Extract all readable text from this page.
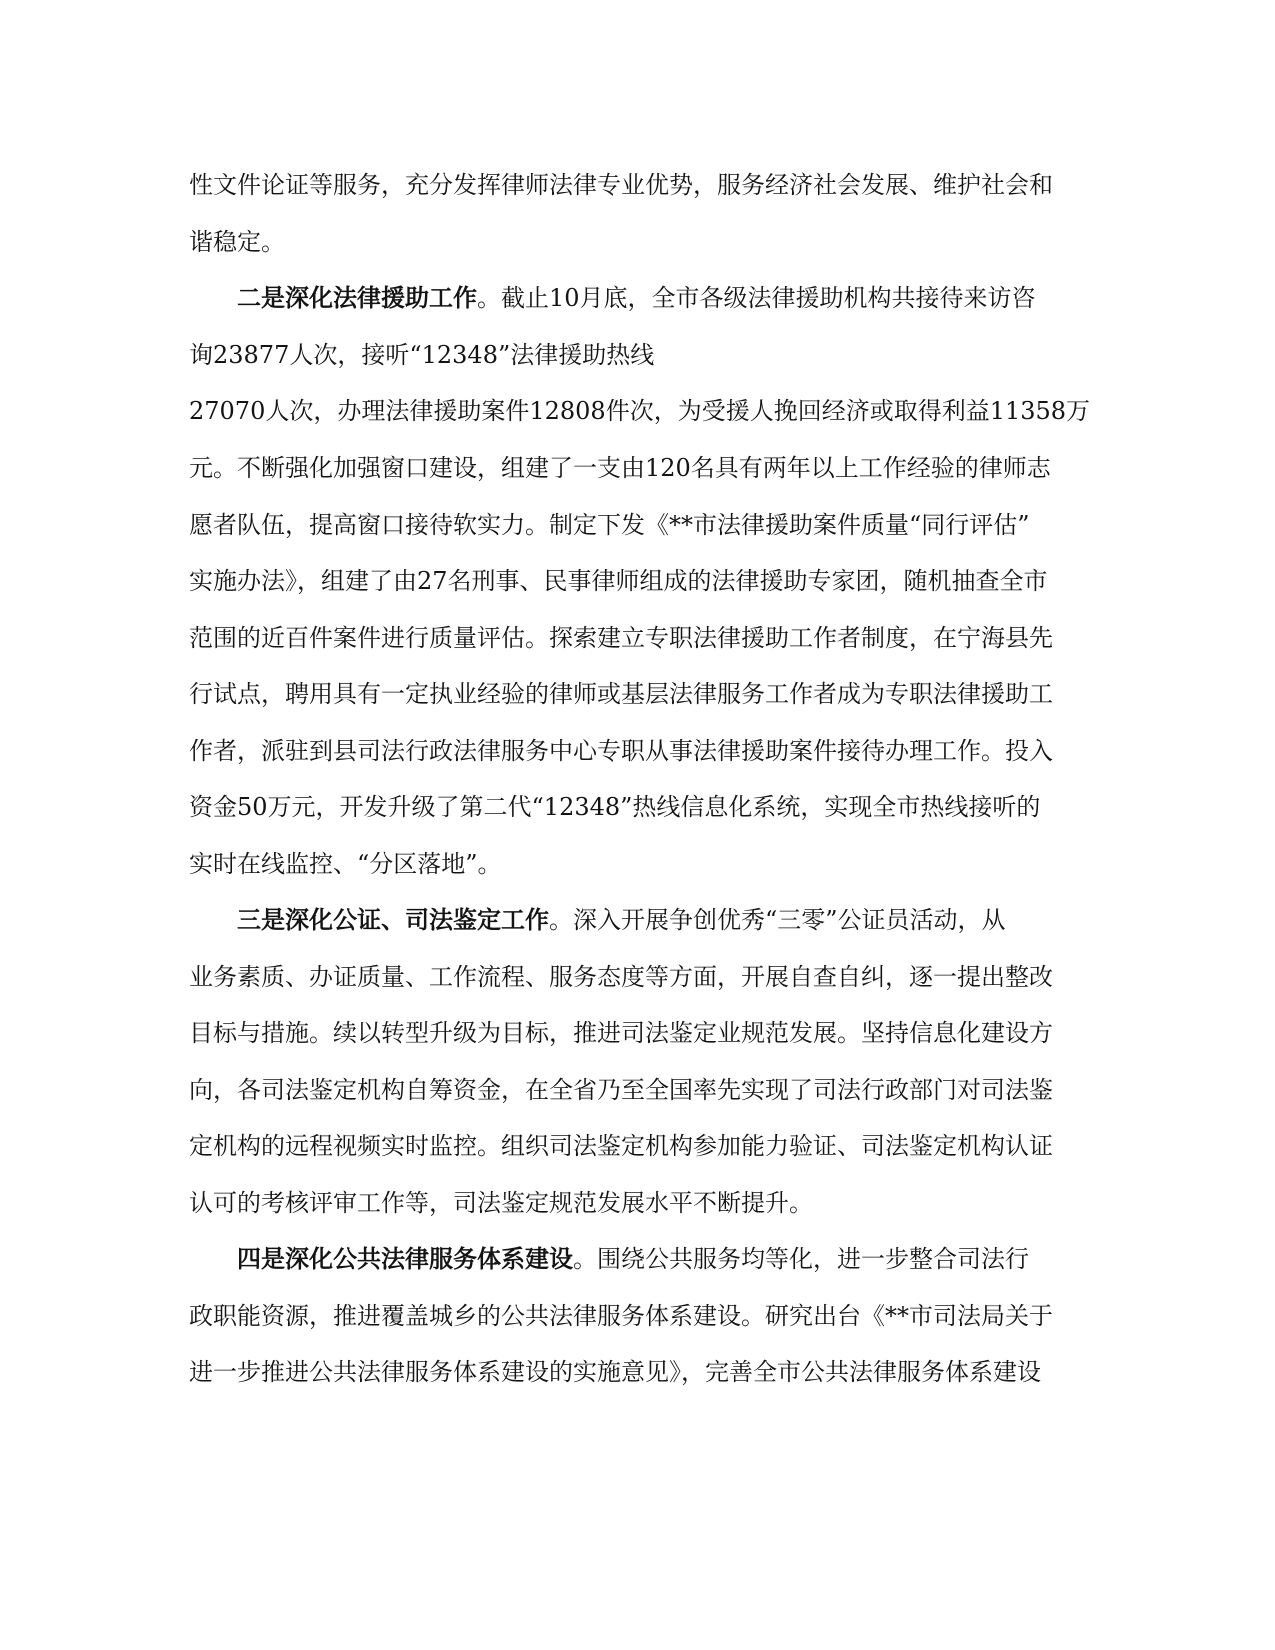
性文件论证等服务，充分发挥律师法律专业优势，服务经济社会发展、维护社会和

谐稳定。

二是深化法律援助工作。截止10月底，全市各级法律援助机构共接待来访咨

询23877人次，接听“12348”法律援助热线

27070人次，办理法律援助案件12808件次，为受援人挽回经济或取得利益11358万

元。不断强化加强窗口建设，组建了一支由120名具有两年以上工作经验的律师志

愿者队伍，提高窗口接待软实力。制定下发《**市法律援助案件质量“同行评估”

实施办法》，组建了由27名刑事、民事律师组成的法律援助专家团，随机抽查全市

范围的近百件案件进行质量评估。探索建立专职法律援助工作者制度，在宁海县先

行试点，聘用具有一定执业经验的律师或基层法律服务工作者成为专职法律援助工

作者，派驻到县司法行政法律服务中心专职从事法律援助案件接待办理工作。投入

资金50万元，开发升级了第二代“12348”热线信息化系统，实现全市热线接听的

实时在线监控、“分区落地”。

三是深化公证、司法鉴定工作。深入开展争创优秀“三零”公证员活动，从

业务素质、办证质量、工作流程、服务态度等方面，开展自查自纠，逐一提出整改

目标与措施。续以转型升级为目标，推进司法鉴定业规范发展。坚持信息化建设方

向，各司法鉴定机构自筹资金，在全省乃至全国率先实现了司法行政部门对司法鉴

定机构的远程视频实时监控。组织司法鉴定机构参加能力验证、司法鉴定机构认证

认可的考核评审工作等，司法鉴定规范发展水平不断提升。

四是深化公共法律服务体系建设。围绕公共服务均等化，进一步整合司法行

政职能资源，推进覆盖城乡的公共法律服务体系建设。研究出台《**市司法局关于

进一步推进公共法律服务体系建设的实施意见》，完善全市公共法律服务体系建设
